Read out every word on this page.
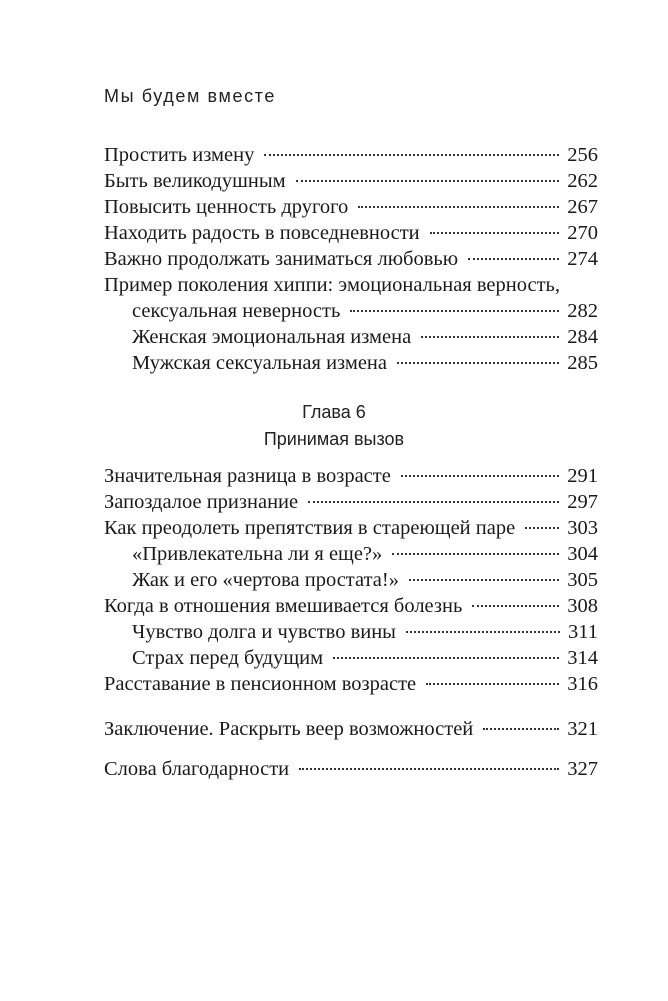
Мы будем вместе
Простить измену	256
Быть великодушным	262
Повысить ценность другого	267
Находить радость в повседневности	270
Важно продолжать заниматься любовью	274
Пример поколения хиппи: эмоциональная верность,
сексуальная неверность	282
Женская эмоциональная измена	284
Мужская сексуальная измена	285
Глава 6
Принимая вызов
Значительная разница в возрасте	291
Запоздалое признание	297
Как преодолеть препятствия в стареющей паре	303
«Привлекательна ли я еще?»	304
Жак и его «чертова простата!»	305
Когда в отношения вмешивается болезнь	308
Чувство долга и чувство вины	311
Страх перед будущим	314
Расставание в пенсионном возрасте	316
Заключение. Раскрыть веер возможностей	321
Слова благодарности	327
